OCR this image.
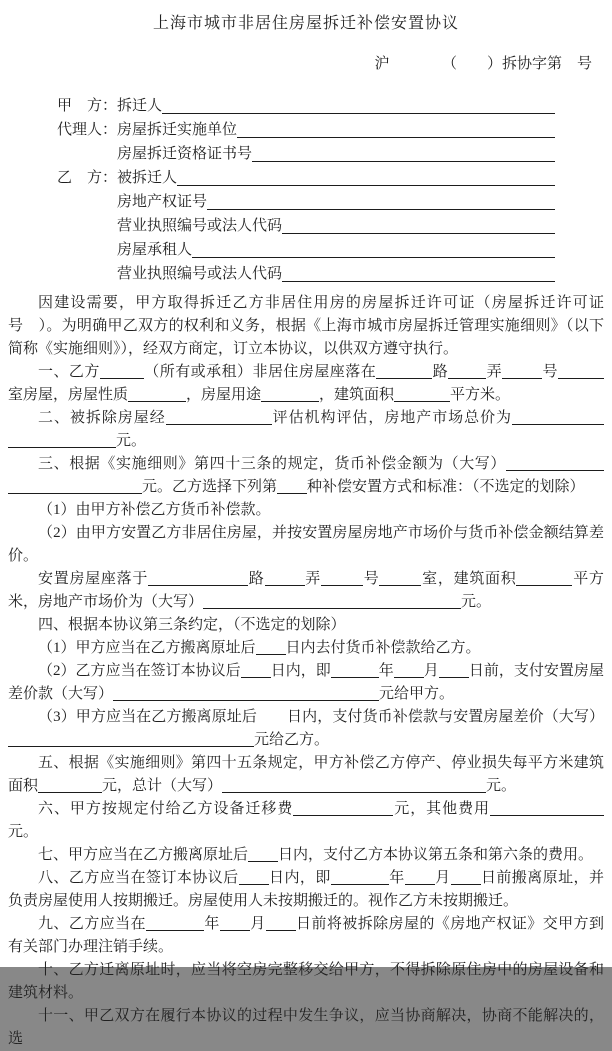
上海市城市非居住房屋拆迁补偿安置协议
沪　　　　（　　）拆协字第　号
甲　方： 拆迁人
代理人： 房屋拆迁实施单位
房屋拆迁资格证书号
乙　方： 被拆迁人
房地产权证号
营业执照编号或法人代码
房屋承租人
营业执照编号或法人代码

因建设需要，甲方取得拆迁乙方非居住用房的房屋拆迁许可证（房屋拆迁许可证号　）。为明确甲乙双方的权利和义务，根据《上海市城市房屋拆迁管理实施细则》（以下简称《实施细则》），经双方商定，订立本协议，以供双方遵守执行。

一、乙方	（所有或承租）非居住房屋座落在	路	弄	号室房屋，房屋性质	，房屋用途	，建筑面积	平方米。

二、被拆除房屋经	评估机构评估，房地产市场总价为元。

三、根据《实施细则》第四十三条的规定，货币补偿金额为（大写）元。乙方选择下列第 种补偿安置方式和标准：（不选定的划除）

（1）由甲方补偿乙方货币补偿款。

（2）由甲方安置乙方非居住房屋，并按安置房屋房地产市场价与货币补偿金额结算差价。

安置房屋座落于	路	弄	号	室，建筑面积	平方米，房地产市场价为（大写）	元。

四、根据本协议第三条约定，（不选定的划除）

（1）甲方应当在乙方搬离原址后 日内去付货币补偿款给乙方。

（2）乙方应当在签订本协议后 日内，即	年 月 日前，支付安置房屋差价款（大写）	元给甲方。

（3）甲方应当在乙方搬离原址后 日内，支付货币补偿款与安置房屋差价（大写）元给乙方。

五、根据《实施细则》第四十五条规定，甲方补偿乙方停产、停业损失每平方米建筑面积	元，总计（大写）	元。

六、甲方按规定付给乙方设备迁移费	元，其他费用元。

七、甲方应当在乙方搬离原址后 日内，支付乙方本协议第五条和第六条的费用。

八、乙方应当在签订本协议后 日内，即	年 月 日前搬离原址，并负责房屋使用人按期搬迁。房屋使用人未按期搬迁的。视作乙方未按期搬迁。

九、乙方应当在	年 月 日前将被拆除房屋的《房地产权证》交甲方到有关部门办理注销手续。

十、乙方迁离原址时，应当将空房完整移交给甲方，不得拆除原住房中的房屋设备和建筑材料。

十一、甲乙双方在履行本协议的过程中发生争议，应当协商解决，协商不能解决的，选
